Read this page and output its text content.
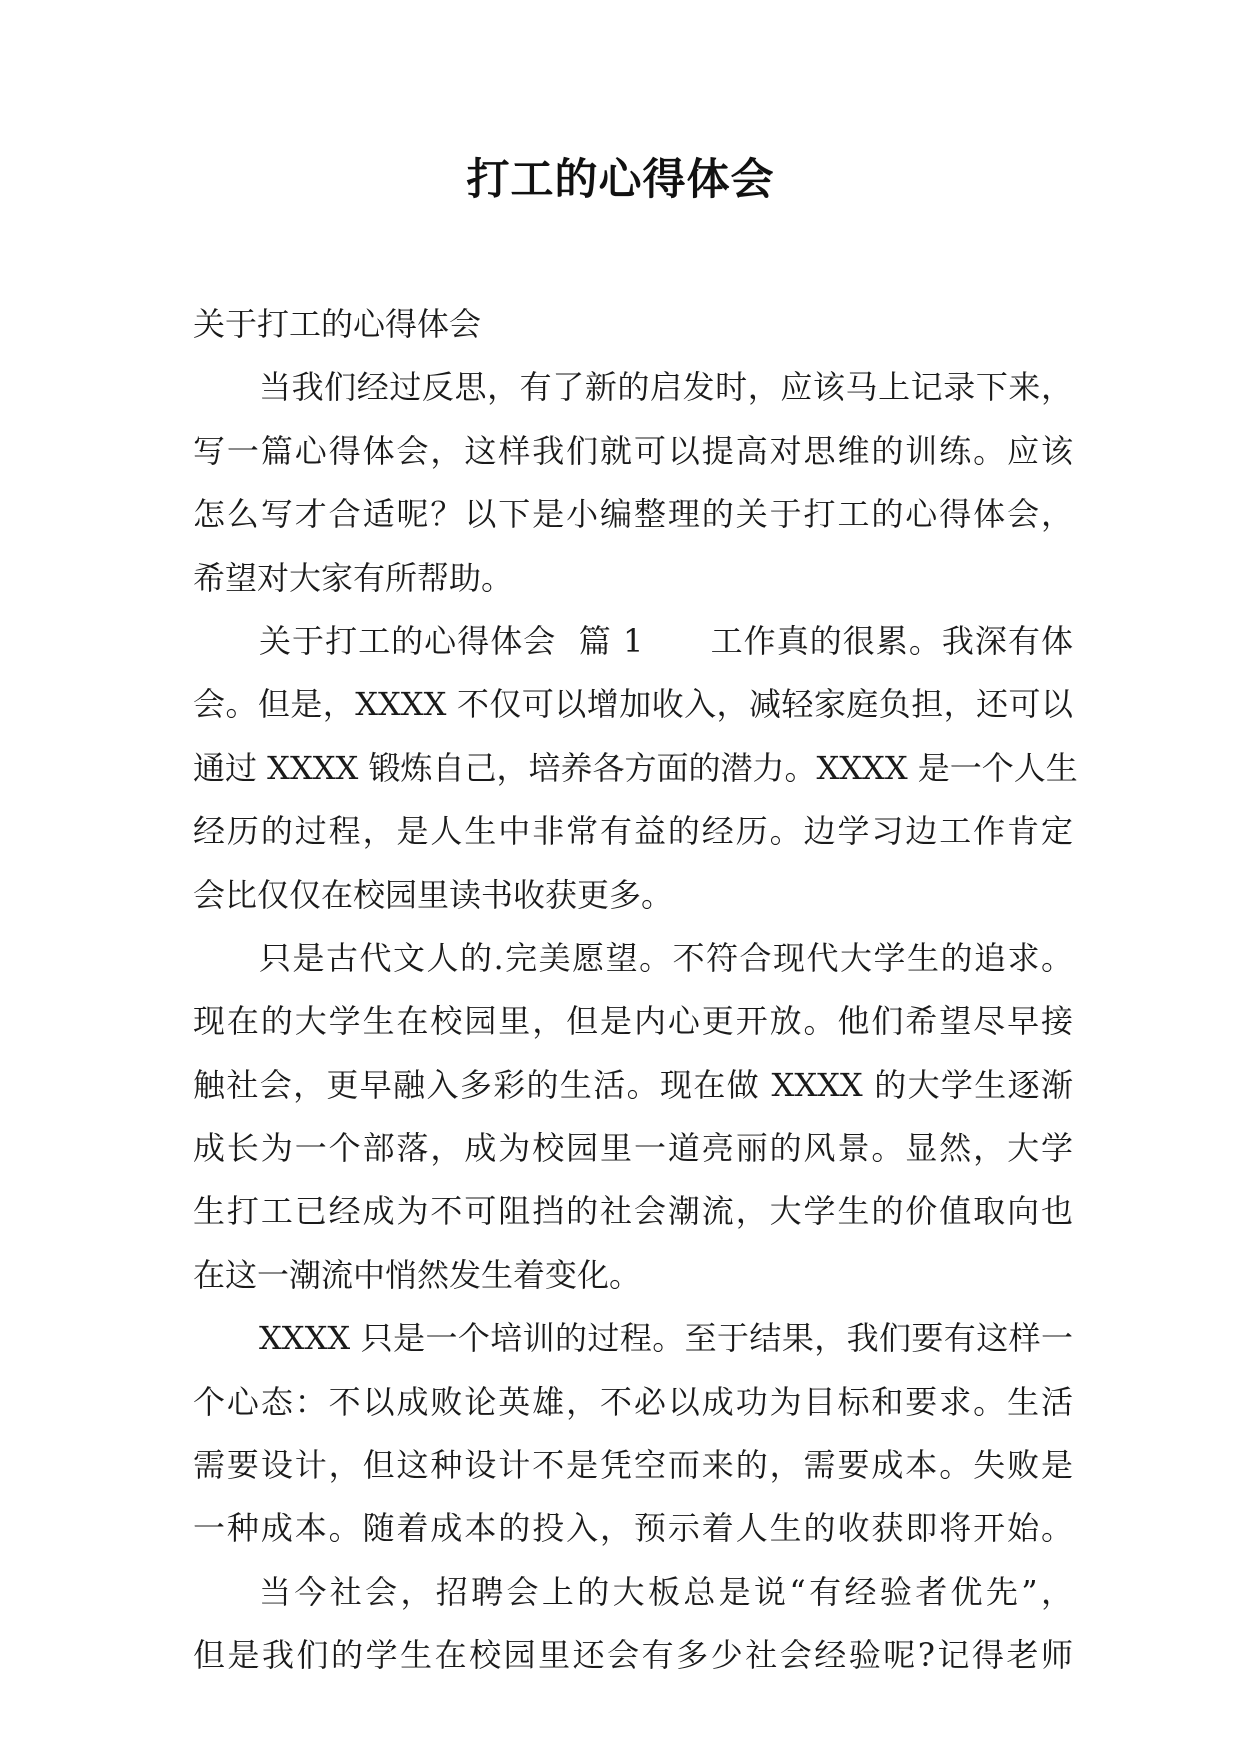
打工的心得体会
关于打工的心得体会
当我们经过反思，有了新的启发时，应该马上记录下来，
写一篇心得体会，这样我们就可以提高对思维的训练。应该
怎么写才合适呢？以下是小编整理的关于打工的心得体会，
希望对大家有所帮助。
关于打工的心得体会  篇 1      工作真的很累。我深有体
会。但是，XXXX 不仅可以增加收入，减轻家庭负担，还可以
通过 XXXX 锻炼自己，培养各方面的潜力。XXXX 是一个人生
经历的过程，是人生中非常有益的经历。边学习边工作肯定
会比仅仅在校园里读书收获更多。
只是古代文人的.完美愿望。不符合现代大学生的追求。
现在的大学生在校园里，但是内心更开放。他们希望尽早接
触社会，更早融入多彩的生活。现在做 XXXX 的大学生逐渐
成长为一个部落，成为校园里一道亮丽的风景。显然，大学
生打工已经成为不可阻挡的社会潮流，大学生的价值取向也
在这一潮流中悄然发生着变化。
XXXX 只是一个培训的过程。至于结果，我们要有这样一
个心态：不以成败论英雄，不必以成功为目标和要求。生活
需要设计，但这种设计不是凭空而来的，需要成本。失败是
一种成本。随着成本的投入，预示着人生的收获即将开始。
当今社会，招聘会上的大板总是说“有经验者优先”，
但是我们的学生在校园里还会有多少社会经验呢?记得老师
